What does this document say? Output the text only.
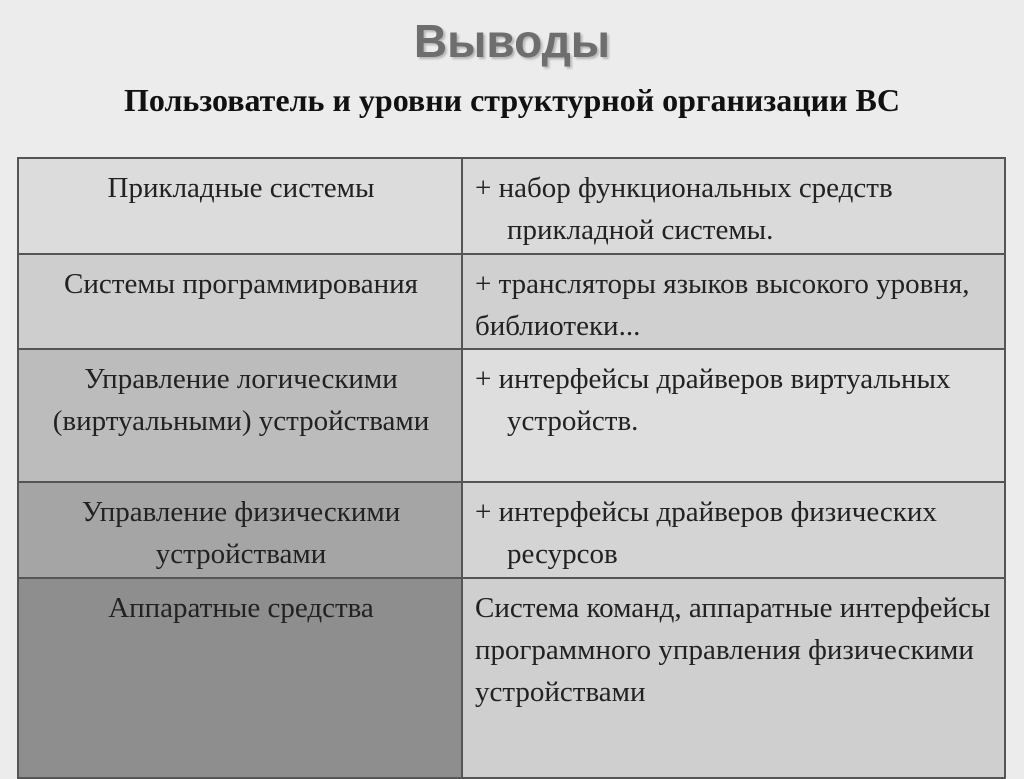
Выводы
Пользователь и уровни структурной организации ВС
Прикладные системы	+ набор функциональных средств прикладной системы.

Системы программирования	+ трансляторы языков высокого уровня, библиотеки...

Управление логическими (виртуальными) устройствами	+ интерфейсы драйверов виртуальных устройств.

Управление физическими устройствами	+ интерфейсы драйверов физических ресурсов

Аппаратные средства	Система команд, аппаратные интерфейсы программного управления физическими устройствами
